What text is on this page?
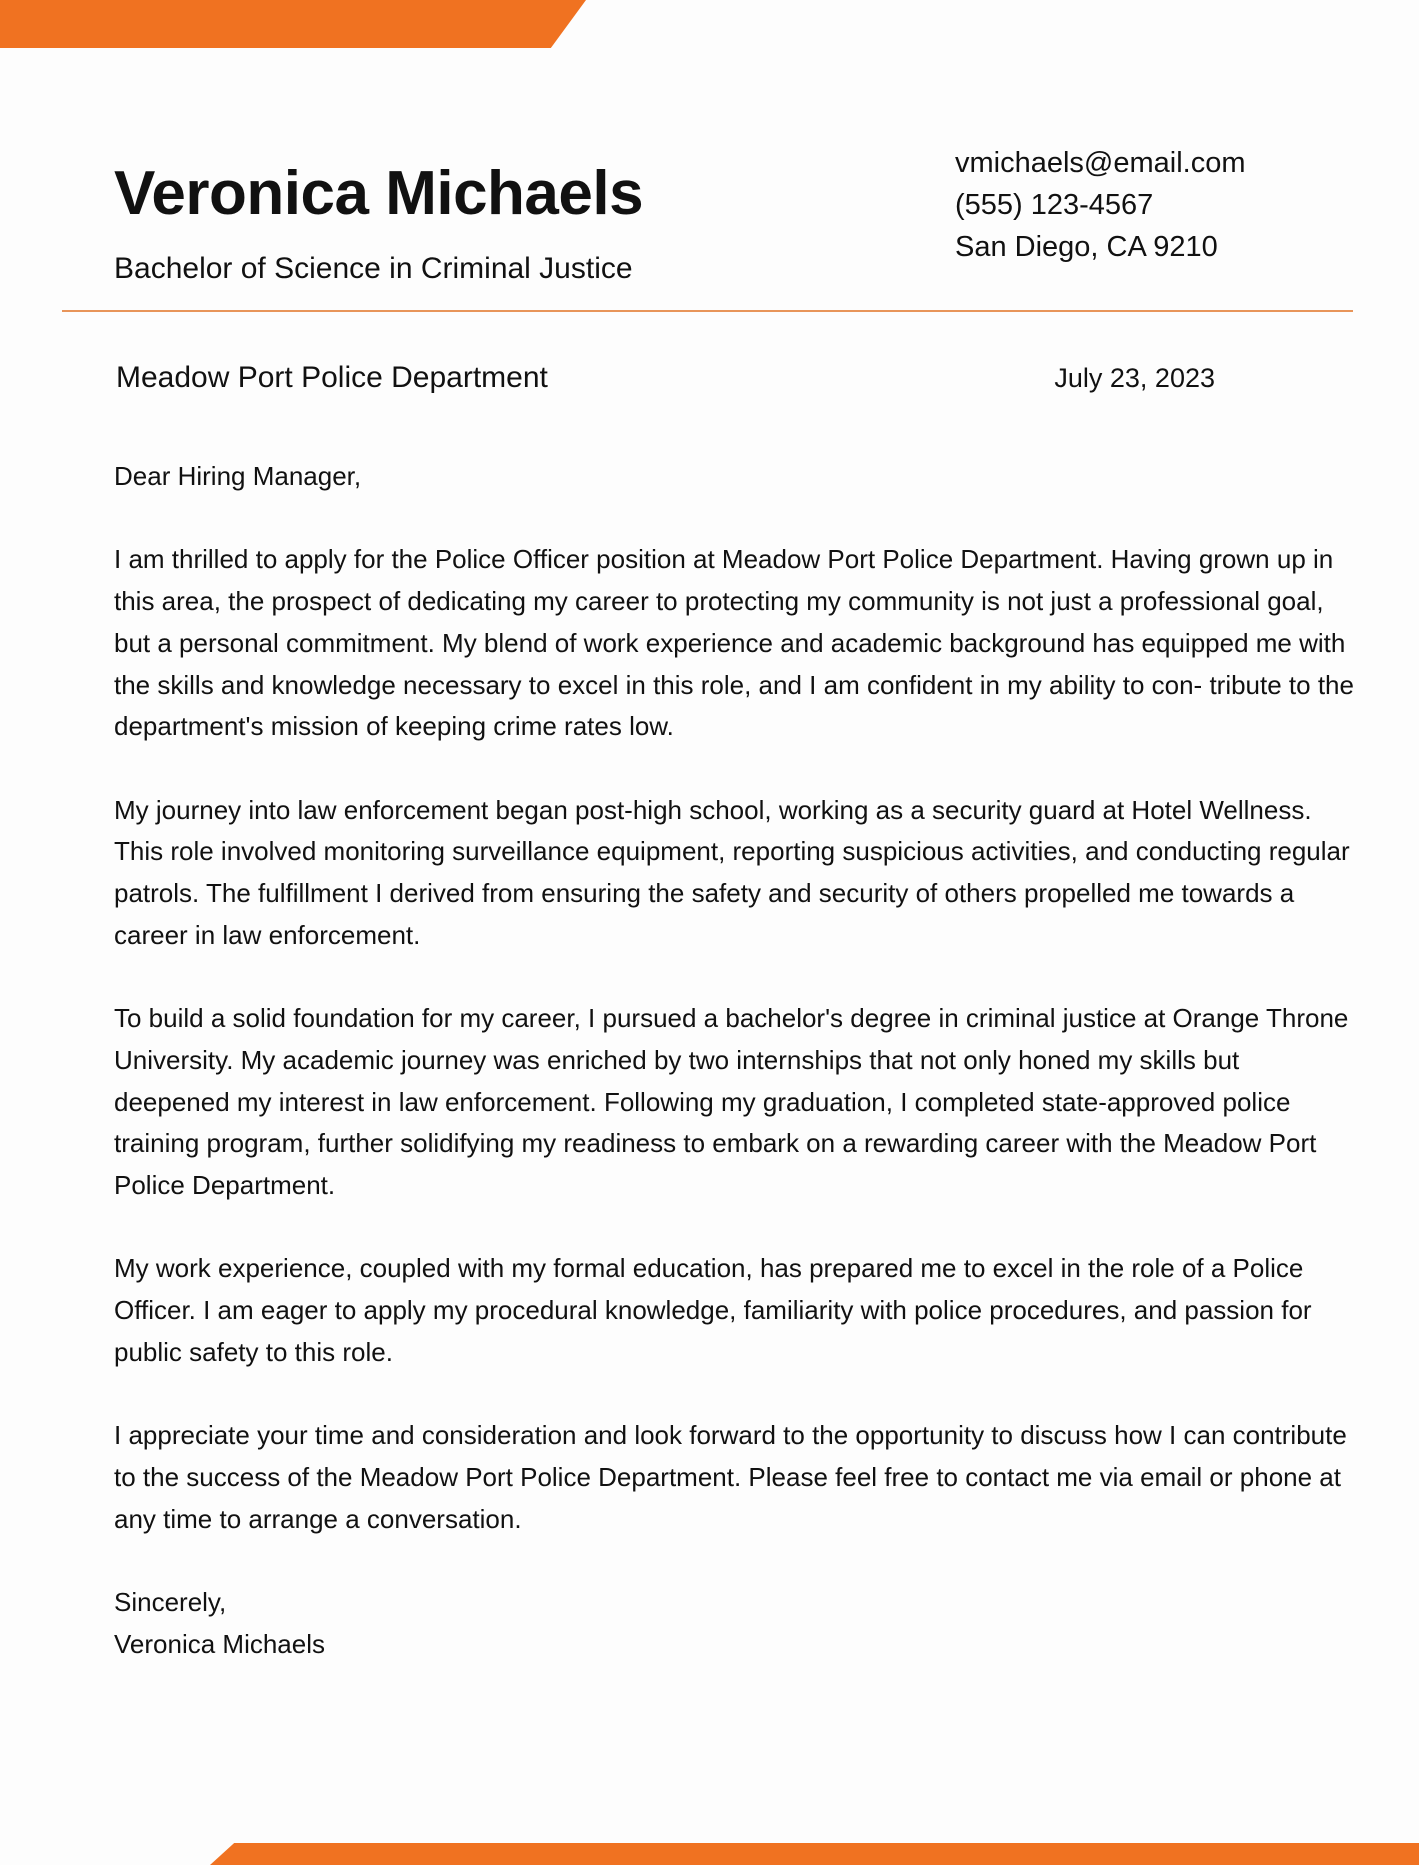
Veronica Michaels
Bachelor of Science in Criminal Justice
vmichaels@email.com
(555) 123-4567
San Diego, CA 9210
Meadow Port Police Department	July 23, 2023
Dear Hiring Manager,
I am thrilled to apply for the Police Officer position at Meadow Port Police Department. Having grown up in this area, the prospect of dedicating my career to protecting my community is not just a professional goal, but a personal commitment. My blend of work experience and academic background has equipped me with the skills and knowledge necessary to excel in this role, and I am confident in my ability to con- tribute to the department's mission of keeping crime rates low.
My journey into law enforcement began post-high school, working as a security guard at Hotel Wellness. This role involved monitoring surveillance equipment, reporting suspicious activities, and conducting regular patrols. The fulfillment I derived from ensuring the safety and security of others propelled me towards a career in law enforcement.
To build a solid foundation for my career, I pursued a bachelor's degree in criminal justice at Orange Throne University. My academic journey was enriched by two internships that not only honed my skills but deepened my interest in law enforcement. Following my graduation, I completed state-approved police training program, further solidifying my readiness to embark on a rewarding career with the Meadow Port Police Department.
My work experience, coupled with my formal education, has prepared me to excel in the role of a Police Officer. I am eager to apply my procedural knowledge, familiarity with police procedures, and passion for public safety to this role.
I appreciate your time and consideration and look forward to the opportunity to discuss how I can contribute to the success of the Meadow Port Police Department. Please feel free to contact me via email or phone at any time to arrange a conversation.
Sincerely,
Veronica Michaels
